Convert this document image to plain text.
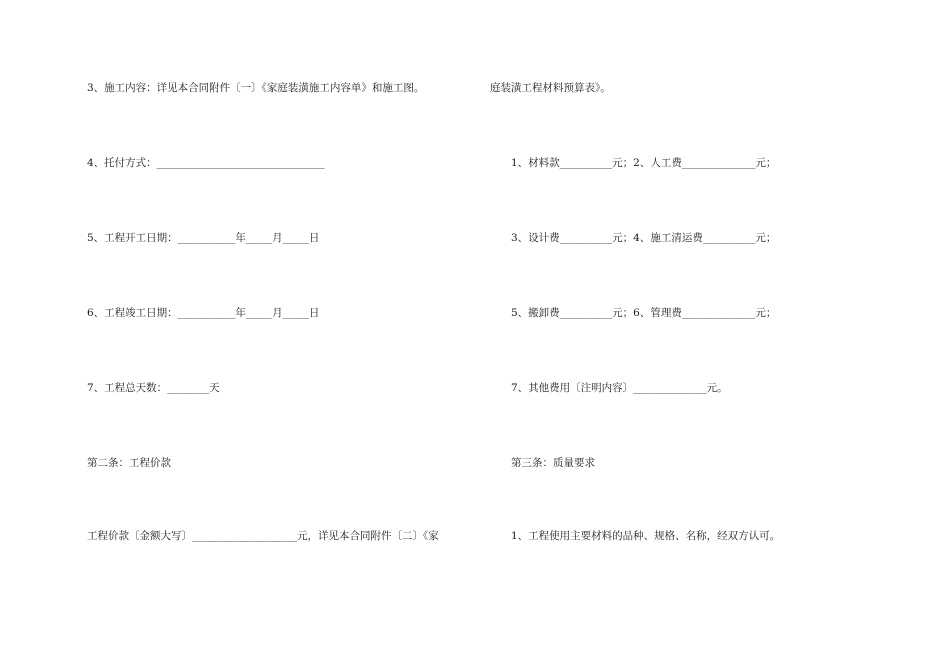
3、施工内容：详见本合同附件〔一〕《家庭装潢施工内容单》和施工图。
4、托付方式：________________________________
5、工程开工日期：___________年_____月_____日
6、工程竣工日期：___________年_____月_____日
7、工程总天数：________天
第二条：工程价款
工程价款〔金额大写〕____________________元，详见本合同附件〔二〕《家
庭装潢工程材料预算表》。
1、材料款__________元；2、人工费______________元；
3、设计费__________元；4、施工清运费__________元；
5、搬卸费__________元；6、管理费______________元；
7、其他费用〔注明内容〕______________元。
第三条：质量要求
1、工程使用主要材料的品种、规格、名称，经双方认可。
